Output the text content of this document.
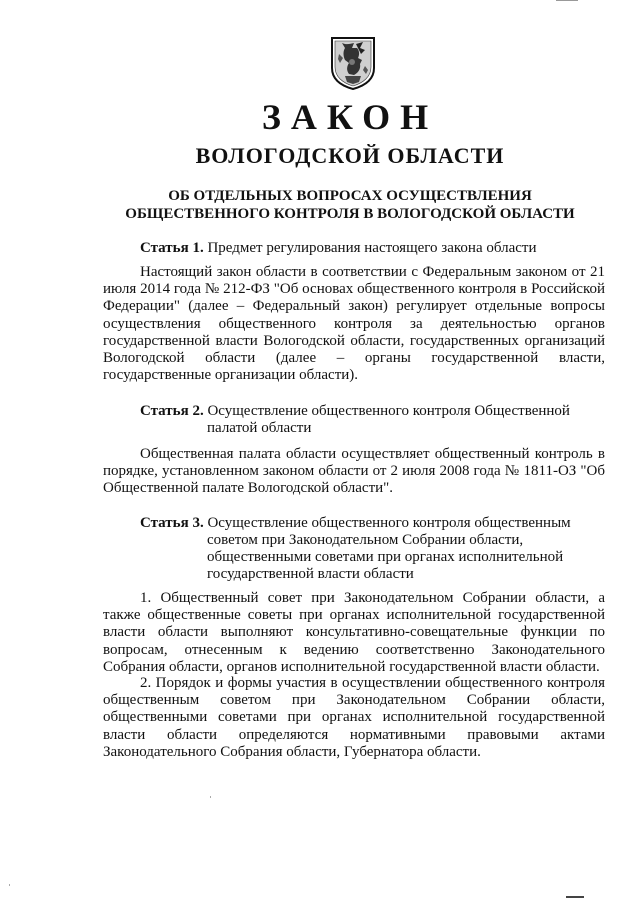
ЗАКОН
ВОЛОГОДСКОЙ ОБЛАСТИ
ОБ ОТДЕЛЬНЫХ ВОПРОСАХ ОСУЩЕСТВЛЕНИЯ
ОБЩЕСТВЕННОГО КОНТРОЛЯ В ВОЛОГОДСКОЙ ОБЛАСТИ
Статья 1. Предмет регулирования настоящего закона области

Настоящий закон области в соответствии с Федеральным законом от 21 июля 2014 года № 212-ФЗ "Об основах общественного контроля в Российской Федерации" (далее – Федеральный закон) регулирует отдельные вопросы осуществления общественного контроля за деятельностью органов государственной власти Вологодской области, государственных организаций Вологодской области (далее – органы государственной власти, государственные организации области).

Статья 2. Осуществление общественного контроля Общественной палатой области

Общественная палата области осуществляет общественный контроль в порядке, установленном законом области от 2 июля 2008 года № 1811-ОЗ "Об Общественной палате Вологодской области".

Статья 3. Осуществление общественного контроля общественным советом при Законодательном Собрании области, общественными советами при органах исполнительной государственной власти области

1. Общественный совет при Законодательном Собрании области, а также общественные советы при органах исполнительной государственной власти области выполняют консультативно-совещательные функции по вопросам, отнесенным к ведению соответственно Законодательного Собрания области, органов исполнительной государственной власти области.

2. Порядок и формы участия в осуществлении общественного контроля общественным советом при Законодательном Собрании области, общественными советами при органах исполнительной государственной власти области определяются нормативными правовыми актами Законодательного Собрания области, Губернатора области.
